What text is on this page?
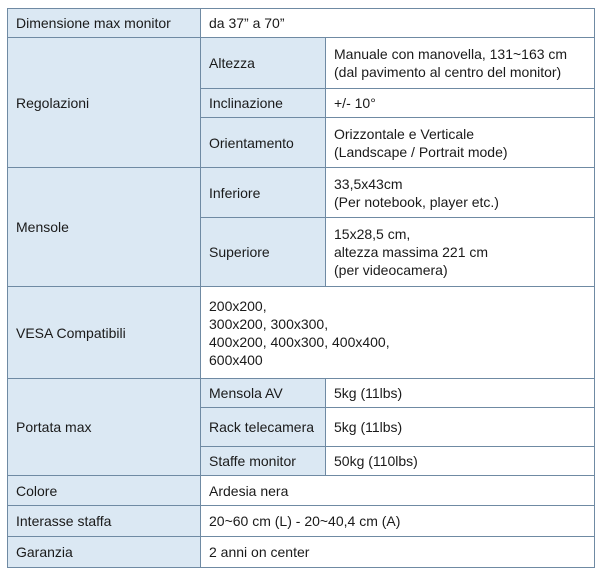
Dimensione max monitor	da 37” a 70”	
Regolazioni	Altezza	Manuale con manovella, 131~163 cm
(dal pavimento al centro del monitor)

	Inclinazione	+/- 10°
	Orientamento	Orizzontale e Verticale
(Landscape / Portrait mode)

Mensole	Inferiore	33,5x43cm
(Per notebook, player etc.)

	Superiore	15x28,5 cm,
altezza massima 221 cm
(per videocamera)

VESA Compatibili	200x200,
300x200, 300x300,
400x200, 400x300, 400x400,
600x400	

Portata max	Mensola AV	5kg (11lbs)
	Rack telecamera	5kg (11lbs)
	Staffe monitor	50kg (110lbs)
Colore	Ardesia nera	
Interasse staffa	20~60 cm (L) - 20~40,4 cm (A)	
Garanzia	2 anni on center	
